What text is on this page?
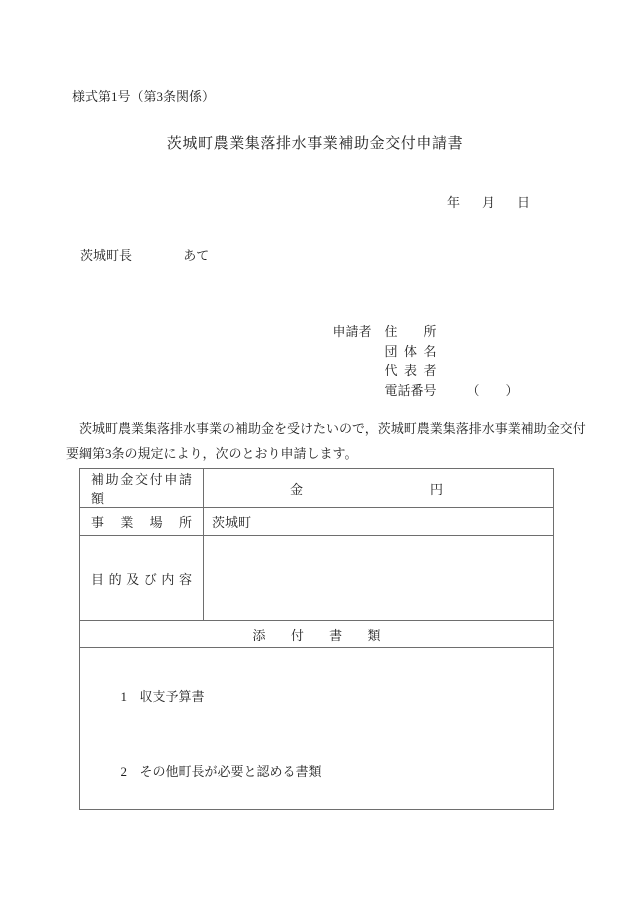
様式第1号（第3条関係）
茨城町農業集落排水事業補助金交付申請書
年 月 日
茨城町長	あて

申請者 住所

団体名

代表者

電話番号 （　　）

　茨城町農業集落排水事業の補助金を受けたいので，茨城町農業集落排水事業補助金交付
要綱第3条の規定により，次のとおり申請します。
補助金交付申請額	金 円

事業場所	茨城町
目的及び内容	
添付書類	

1 収支予算書

2 その他町長が必要と認める書類	
